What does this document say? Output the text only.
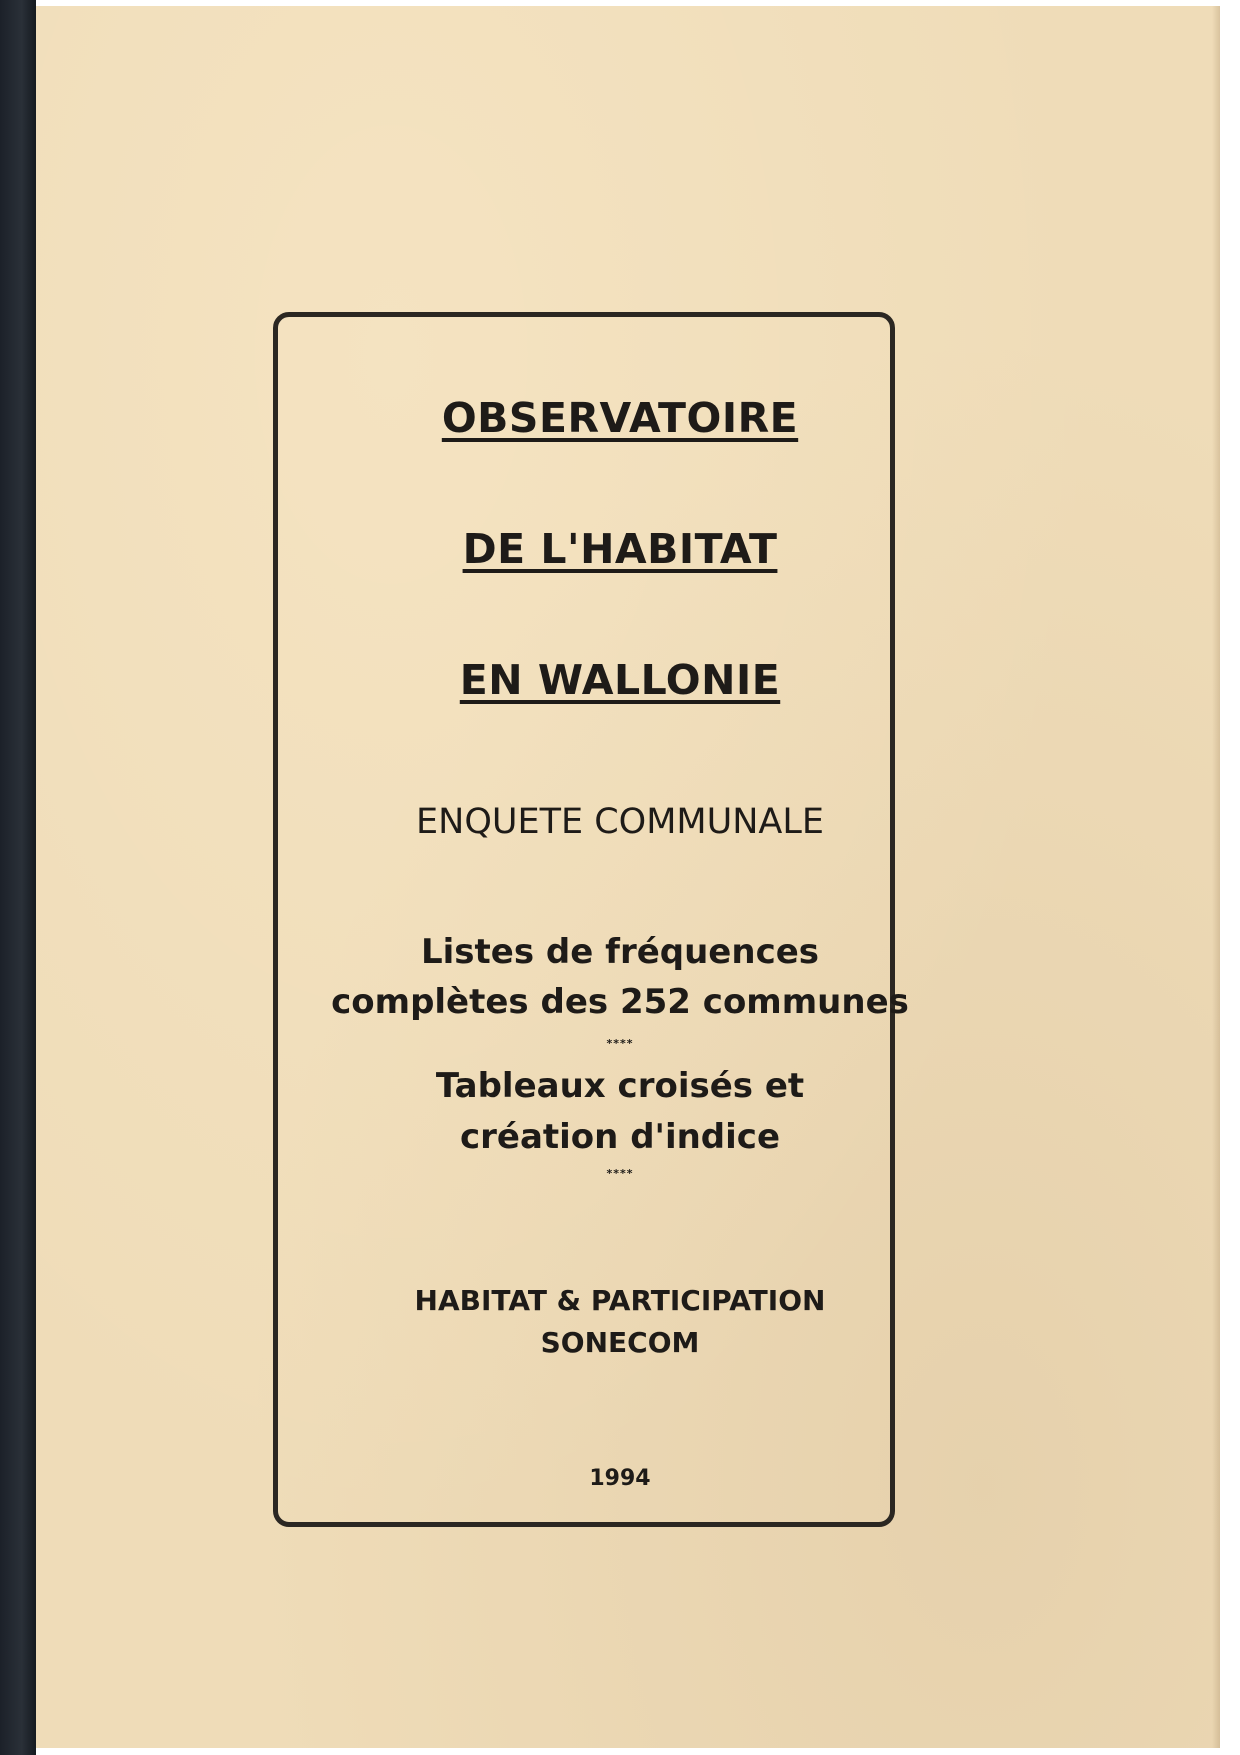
OBSERVATOIRE
DE L'HABITAT
EN WALLONIE
ENQUETE COMMUNALE
Listes de fréquences
complètes des 252 communes
****
Tableaux croisés et
création d'indice
****
HABITAT & PARTICIPATION
SONECOM
1994
